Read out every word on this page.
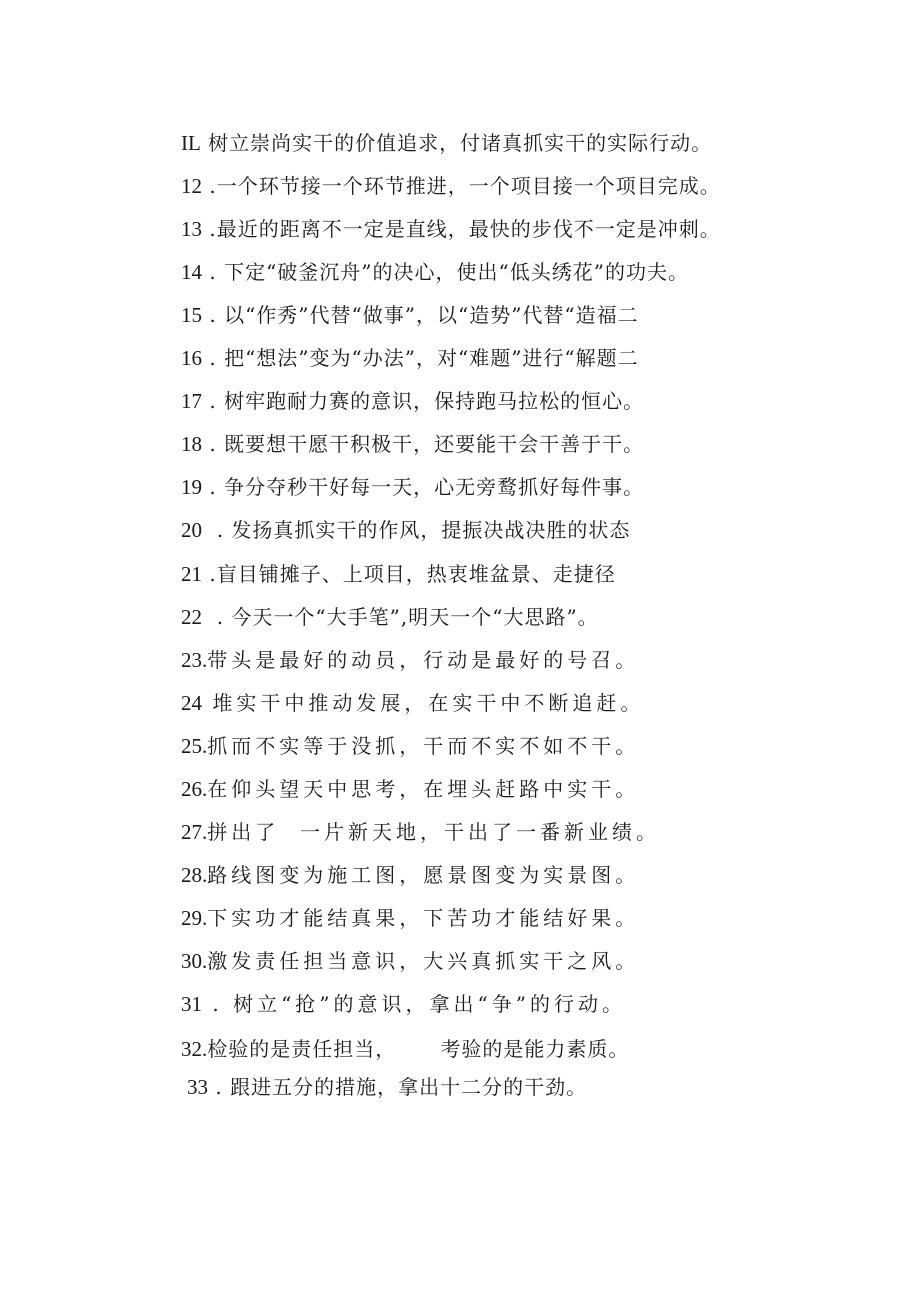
IL 树立崇尚实干的价值追求，付诸真抓实干的实际行动。
12 .一个环节接一个环节推进，一个项目接一个项目完成。
13 .最近的距离不一定是直线，最快的步伐不一定是冲刺。
14 . 下定“破釜沉舟”的决心，使出“低头绣花”的功夫。
15 . 以“作秀”代替“做事”，以“造势”代替“造福二
16 . 把“想法”变为“办法”，对“难题”进行“解题二
17 . 树牢跑耐力赛的意识，保持跑马拉松的恒心。
18 . 既要想干愿干积极干，还要能干会干善于干。
19 . 争分夺秒干好每一天，心无旁鹜抓好每件事。
20  . 发扬真抓实干的作风，提振决战决胜的状态
21 .盲目铺摊子、上项目，热衷堆盆景、走捷径
22  . 今天一个“大手笔”,明天一个“大思路”。
23.带头是最好的动员，行动是最好的号召。
24 堆实干中推动发展，在实干中不断追赶。
25.抓而不实等于没抓，干而不实不如不干。
26.在仰头望天中思考，在埋头赶路中实干。
27.拼出了  一片新天地，干出了一番新业绩。
28.路线图变为施工图，愿景图变为实景图。
29.下实功才能结真果，下苦功才能结好果。
30.激发责任担当意识，大兴真抓实干之风。
31 . 树立“抢”的意识，拿出“争”的行动。
32.检验的是责任担当，      考验的是能力素质。
33 . 跟进五分的措施，拿出十二分的干劲。
